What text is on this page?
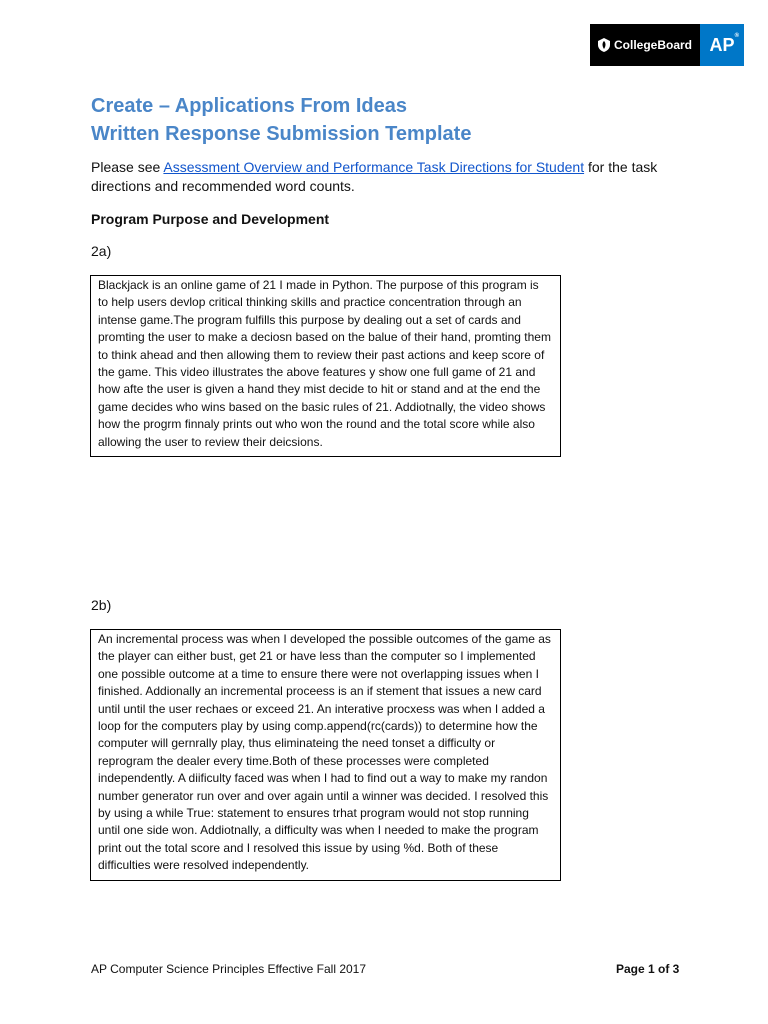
CollegeBoard AP®
Create – Applications From Ideas
Written Response Submission Template
Please see Assessment Overview and Performance Task Directions for Student for the task directions and recommended word counts.
Program Purpose and Development
2a)
Blackjack is an online game of 21 I made in Python. The purpose of this program is to help users devlop critical thinking skills and practice concentration through an intense game.The program fulfills this purpose by dealing out a set of cards and promting the user to make a deciosn based on the balue of their hand, promting them to think ahead and then allowing them to review their past actions and keep score of the game. This video illustrates the above features y show one full game of 21 and how afte the user is given a hand they mist decide to hit or stand and at the end the game decides who wins based on the basic rules of 21. Addiotnally, the video shows how the progrm finnaly prints out who won the round and the total score while also allowing the user to review their deicsions.
2b)
An incremental process was when I developed the possible outcomes of the game as the player can either bust, get 21 or have less than the computer so I implemented one possible outcome at a time to ensure there were not overlapping issues when I finished. Addionally an incremental proceess is an if stement that issues a new card until until the user rechaes or exceed 21. An interative procxess was when I added a loop for the computers play by using comp.append(rc(cards)) to determine how the computer will gernrally play, thus eliminateing the need tonset a difficulty or reprogram the dealer every time.Both of these processes were completed independently. A diificulty faced was when I had to find out a way to make my randon number generator run over and over again until a winner was decided. I resolved this by using a while True: statement to ensures trhat program would not stop running until one side won. Addiotnally, a difficulty was when I needed to make the program print out the total score and I resolved this issue by using %d. Both of these difficulties were resolved independently.
AP Computer Science Principles Effective Fall 2017	Page 1 of 3
